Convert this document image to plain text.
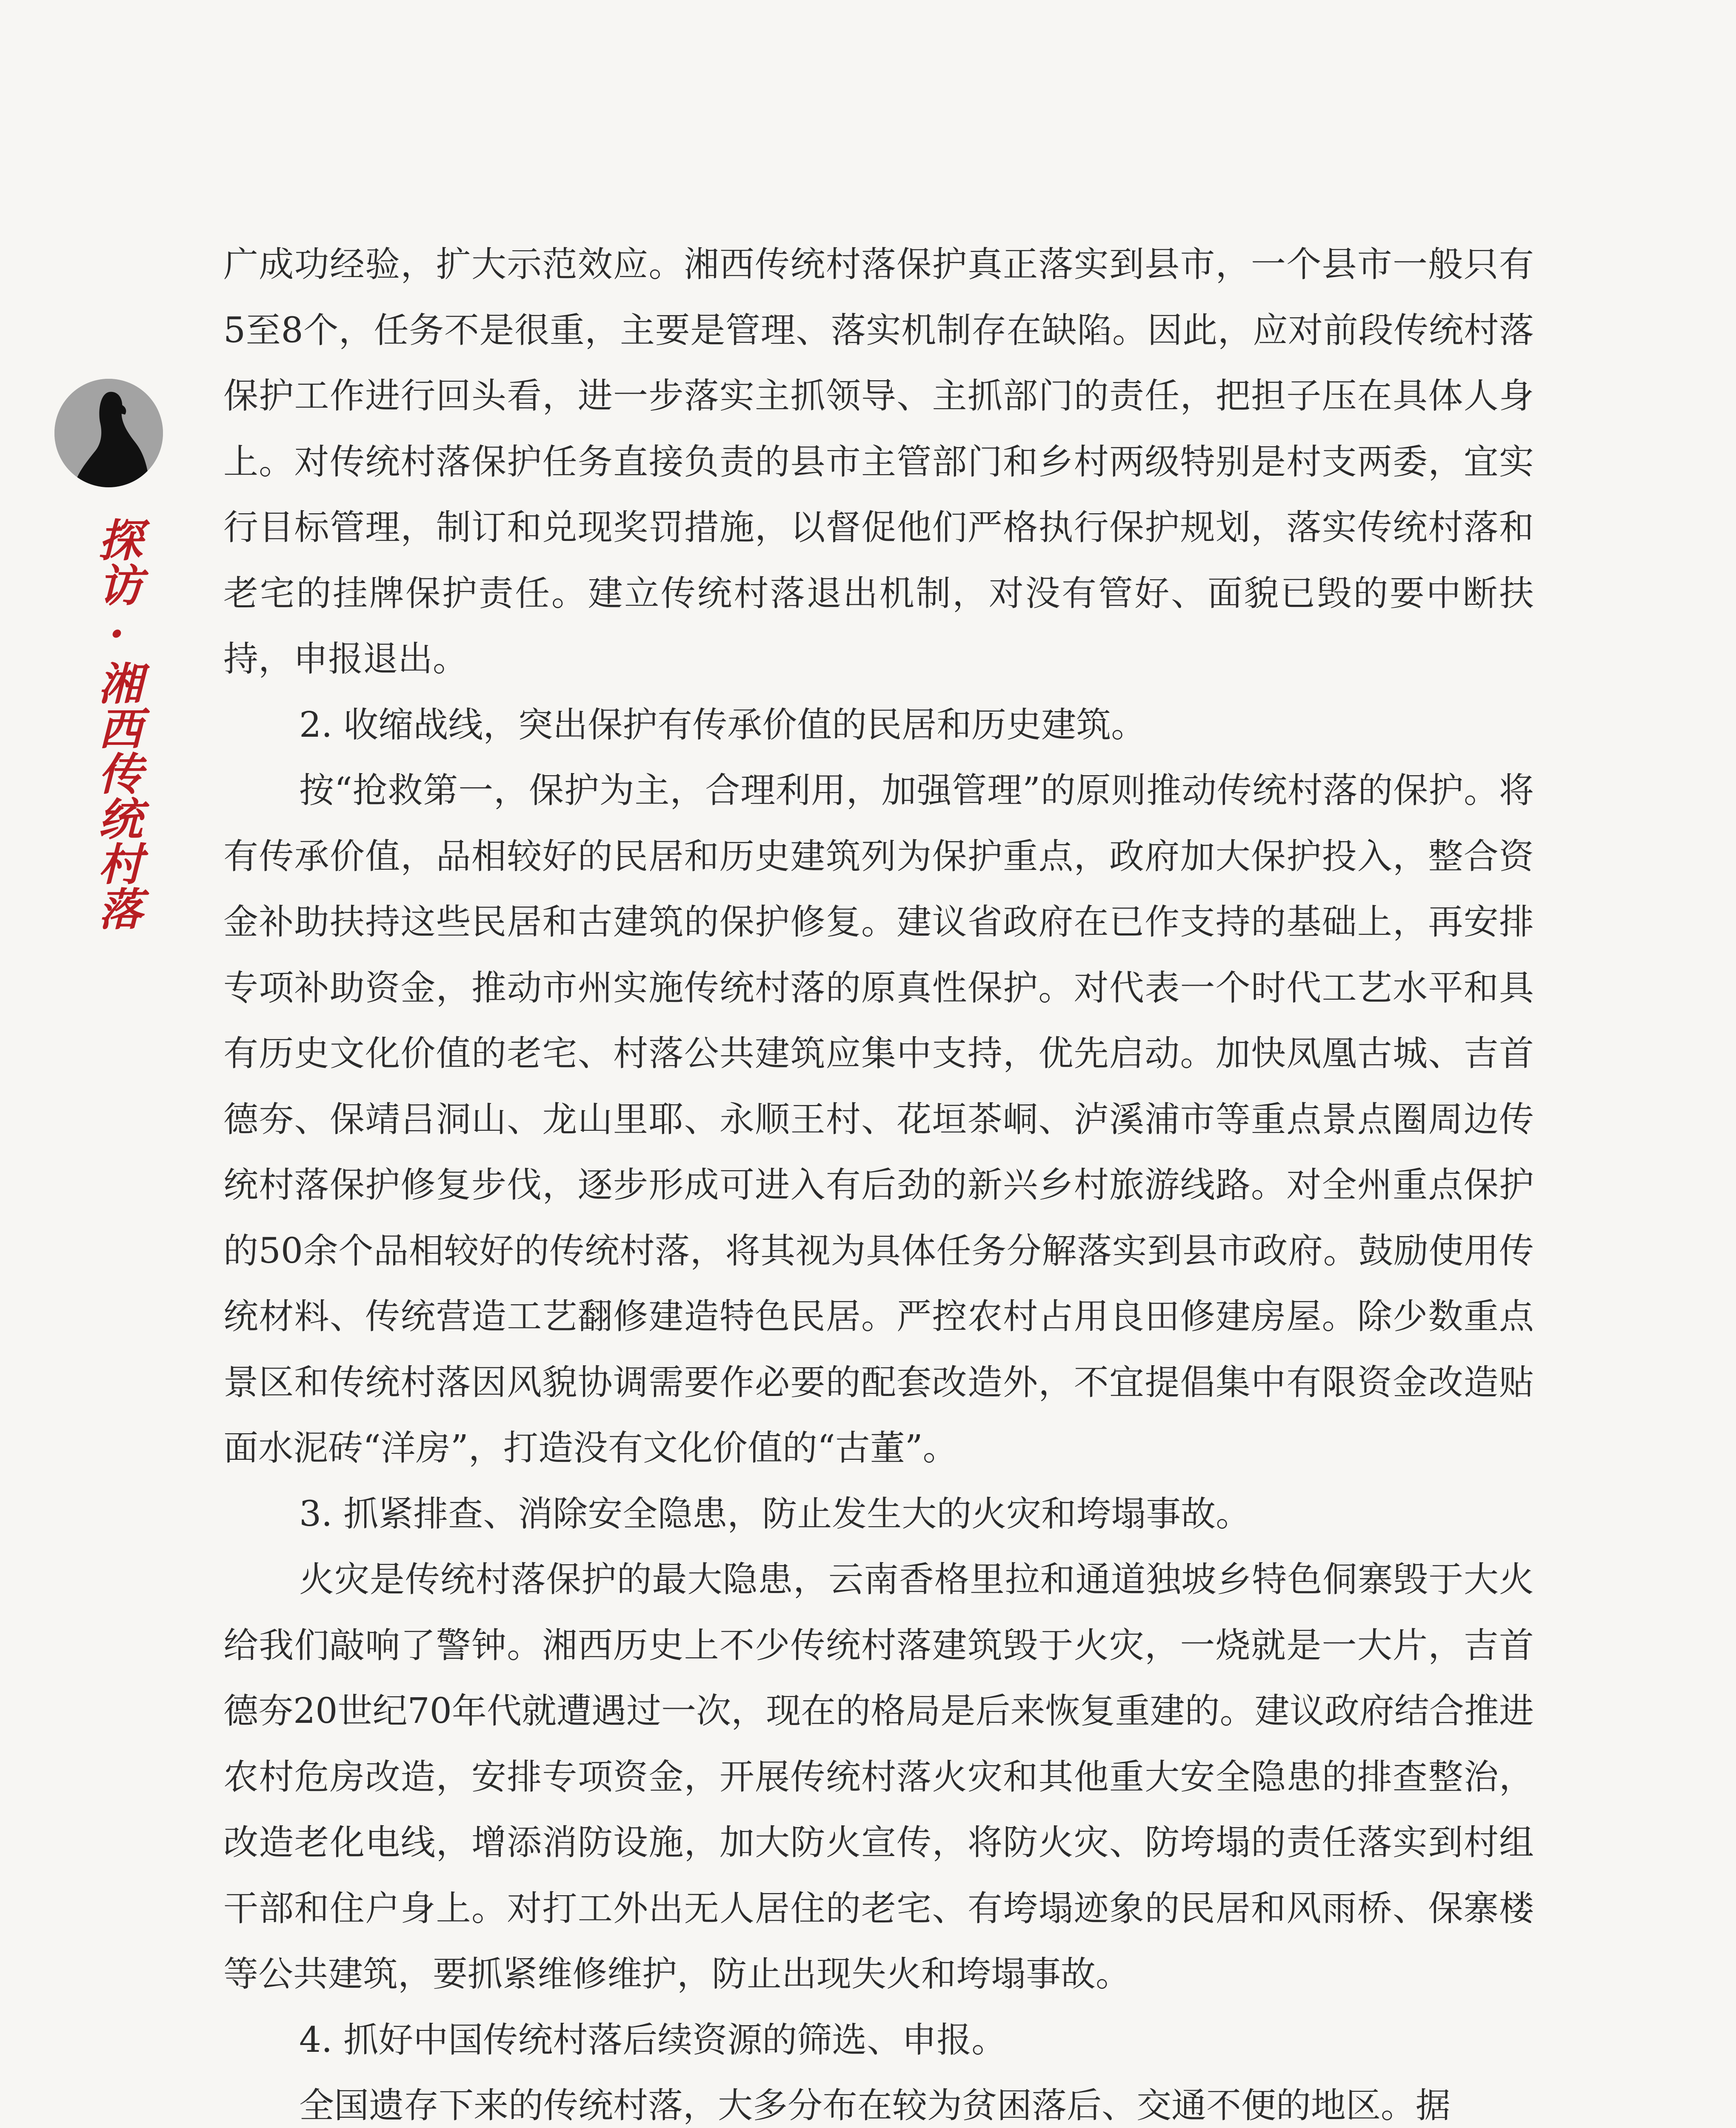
探访·湘西传统村落

广成功经验，扩大示范效应。湘西传统村落保护真正落实到县市，一个县市一般只有5至8个，任务不是很重，主要是管理、落实机制存在缺陷。因此，应对前段传统村落保护工作进行回头看，进一步落实主抓领导、主抓部门的责任，把担子压在具体人身上。对传统村落保护任务直接负责的县市主管部门和乡村两级特别是村支两委，宜实行目标管理，制订和兑现奖罚措施，以督促他们严格执行保护规划，落实传统村落和老宅的挂牌保护责任。建立传统村落退出机制，对没有管好、面貌已毁的要中断扶持，申报退出。

2. 收缩战线，突出保护有传承价值的民居和历史建筑。

按“抢救第一，保护为主，合理利用，加强管理”的原则推动传统村落的保护。将有传承价值，品相较好的民居和历史建筑列为保护重点，政府加大保护投入，整合资金补助扶持这些民居和古建筑的保护修复。建议省政府在已作支持的基础上，再安排专项补助资金，推动市州实施传统村落的原真性保护。对代表一个时代工艺水平和具有历史文化价值的老宅、村落公共建筑应集中支持，优先启动。加快凤凰古城、吉首德夯、保靖吕洞山、龙山里耶、永顺王村、花垣茶峒、泸溪浦市等重点景点圈周边传统村落保护修复步伐，逐步形成可进入有后劲的新兴乡村旅游线路。对全州重点保护的50余个品相较好的传统村落，将其视为具体任务分解落实到县市政府。鼓励使用传统材料、传统营造工艺翻修建造特色民居。严控农村占用良田修建房屋。除少数重点景区和传统村落因风貌协调需要作必要的配套改造外，不宜提倡集中有限资金改造贴面水泥砖“洋房”，打造没有文化价值的“古董”。

3. 抓紧排查、消除安全隐患，防止发生大的火灾和垮塌事故。

火灾是传统村落保护的最大隐患，云南香格里拉和通道独坡乡特色侗寨毁于大火给我们敲响了警钟。湘西历史上不少传统村落建筑毁于火灾，一烧就是一大片，吉首德夯20世纪70年代就遭遇过一次，现在的格局是后来恢复重建的。建议政府结合推进农村危房改造，安排专项资金，开展传统村落火灾和其他重大安全隐患的排查整治，改造老化电线，增添消防设施，加大防火宣传，将防火灾、防垮塌的责任落实到村组干部和住户身上。对打工外出无人居住的老宅、有垮塌迹象的民居和风雨桥、保寨楼等公共建筑，要抓紧维修维护，防止出现失火和垮塌事故。

4. 抓好中国传统村落后续资源的筛选、申报。

全国遗存下来的传统村落，大多分布在较为贫困落后、交通不便的地区。据
